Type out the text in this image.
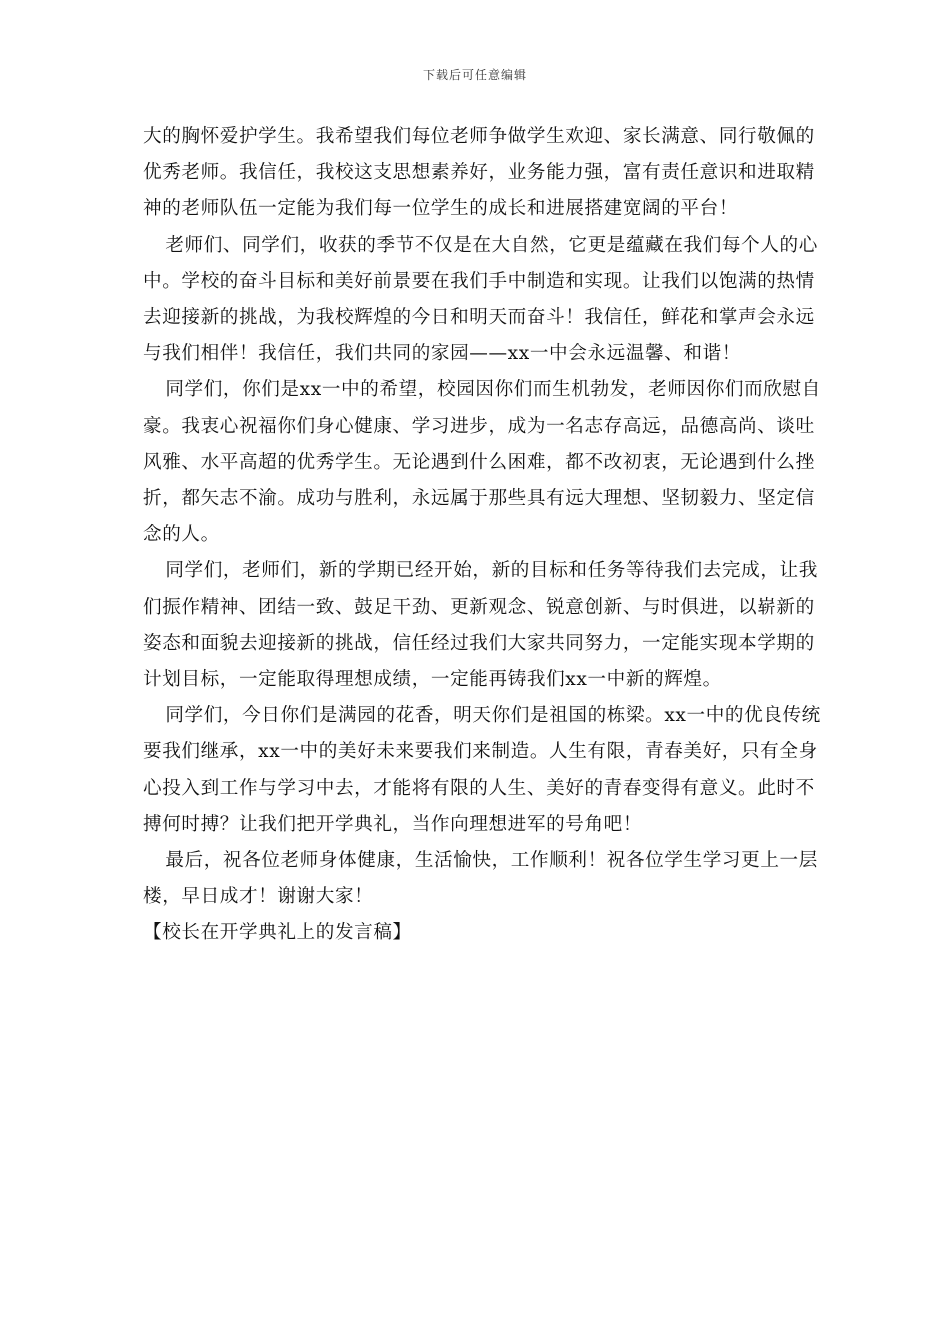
下载后可任意编辑

大的胸怀爱护学生。我希望我们每位老师争做学生欢迎、家长满意、同行敬佩的优秀老师。我信任，我校这支思想素养好，业务能力强，富有责任意识和进取精神的老师队伍一定能为我们每一位学生的成长和进展搭建宽阔的平台！

老师们、同学们，收获的季节不仅是在大自然，它更是蕴藏在我们每个人的心中。学校的奋斗目标和美好前景要在我们手中制造和实现。让我们以饱满的热情去迎接新的挑战，为我校辉煌的今日和明天而奋斗！我信任，鲜花和掌声会永远与我们相伴！我信任，我们共同的家园——xx一中会永远温馨、和谐！

同学们，你们是xx一中的希望，校园因你们而生机勃发，老师因你们而欣慰自豪。我衷心祝福你们身心健康、学习进步，成为一名志存高远，品德高尚、谈吐风雅、水平高超的优秀学生。无论遇到什么困难，都不改初衷，无论遇到什么挫折，都矢志不渝。成功与胜利，永远属于那些具有远大理想、坚韧毅力、坚定信念的人。

同学们，老师们，新的学期已经开始，新的目标和任务等待我们去完成，让我们振作精神、团结一致、鼓足干劲、更新观念、锐意创新、与时俱进，以崭新的姿态和面貌去迎接新的挑战，信任经过我们大家共同努力，一定能实现本学期的计划目标，一定能取得理想成绩，一定能再铸我们xx一中新的辉煌。

同学们，今日你们是满园的花香，明天你们是祖国的栋梁。xx一中的优良传统要我们继承，xx一中的美好未来要我们来制造。人生有限，青春美好，只有全身心投入到工作与学习中去，才能将有限的人生、美好的青春变得有意义。此时不搏何时搏？让我们把开学典礼，当作向理想进军的号角吧！

最后，祝各位老师身体健康，生活愉快，工作顺利！祝各位学生学习更上一层楼，早日成才！谢谢大家！

【校长在开学典礼上的发言稿】
